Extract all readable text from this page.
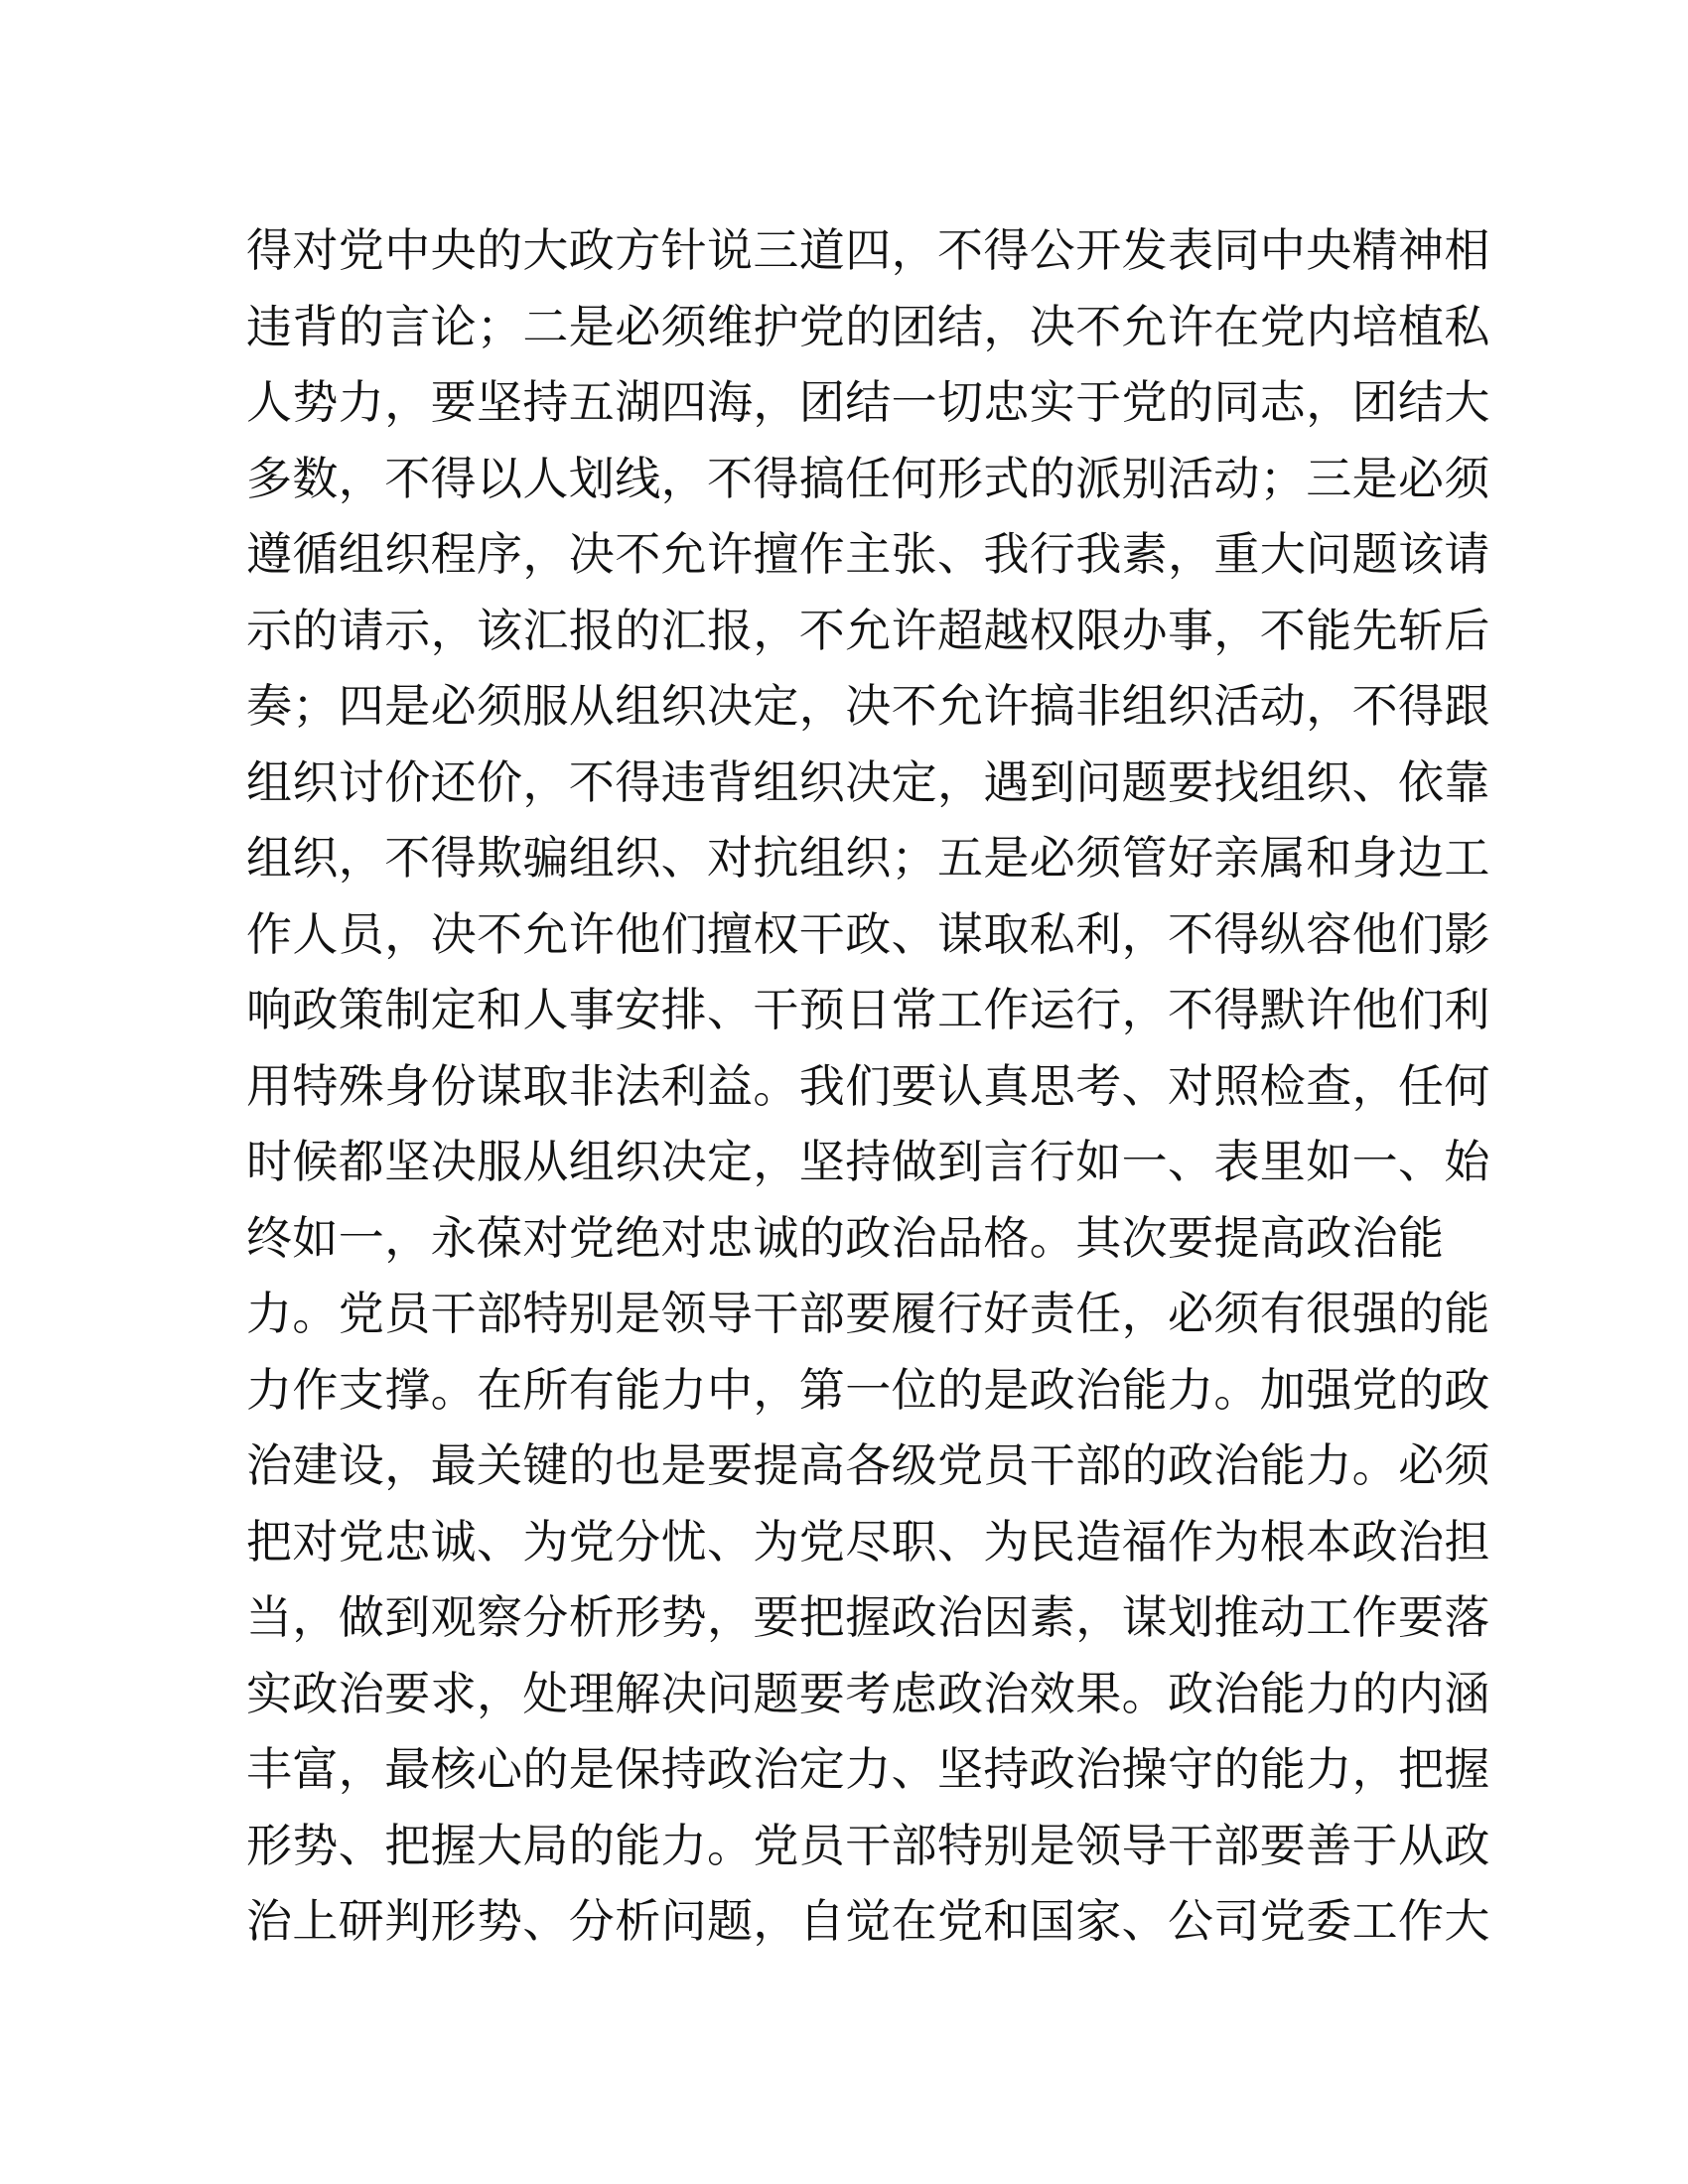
得对党中央的大政方针说三道四，不得公开发表同中央精神相
违背的言论；二是必须维护党的团结，决不允许在党内培植私
人势力，要坚持五湖四海，团结一切忠实于党的同志，团结大
多数，不得以人划线，不得搞任何形式的派别活动；三是必须
遵循组织程序，决不允许擅作主张、我行我素，重大问题该请
示的请示，该汇报的汇报，不允许超越权限办事，不能先斩后
奏；四是必须服从组织决定，决不允许搞非组织活动，不得跟
组织讨价还价，不得违背组织决定，遇到问题要找组织、依靠
组织，不得欺骗组织、对抗组织；五是必须管好亲属和身边工
作人员，决不允许他们擅权干政、谋取私利，不得纵容他们影
响政策制定和人事安排、干预日常工作运行，不得默许他们利
用特殊身份谋取非法利益。我们要认真思考、对照检查，任何
时候都坚决服从组织决定，坚持做到言行如一、表里如一、始
终如一，永葆对党绝对忠诚的政治品格。其次要提高政治能
力。党员干部特别是领导干部要履行好责任，必须有很强的能
力作支撑。在所有能力中，第一位的是政治能力。加强党的政
治建设，最关键的也是要提高各级党员干部的政治能力。必须
把对党忠诚、为党分忧、为党尽职、为民造福作为根本政治担
当，做到观察分析形势，要把握政治因素，谋划推动工作要落
实政治要求，处理解决问题要考虑政治效果。政治能力的内涵
丰富，最核心的是保持政治定力、坚持政治操守的能力，把握
形势、把握大局的能力。党员干部特别是领导干部要善于从政
治上研判形势、分析问题，自觉在党和国家、公司党委工作大
